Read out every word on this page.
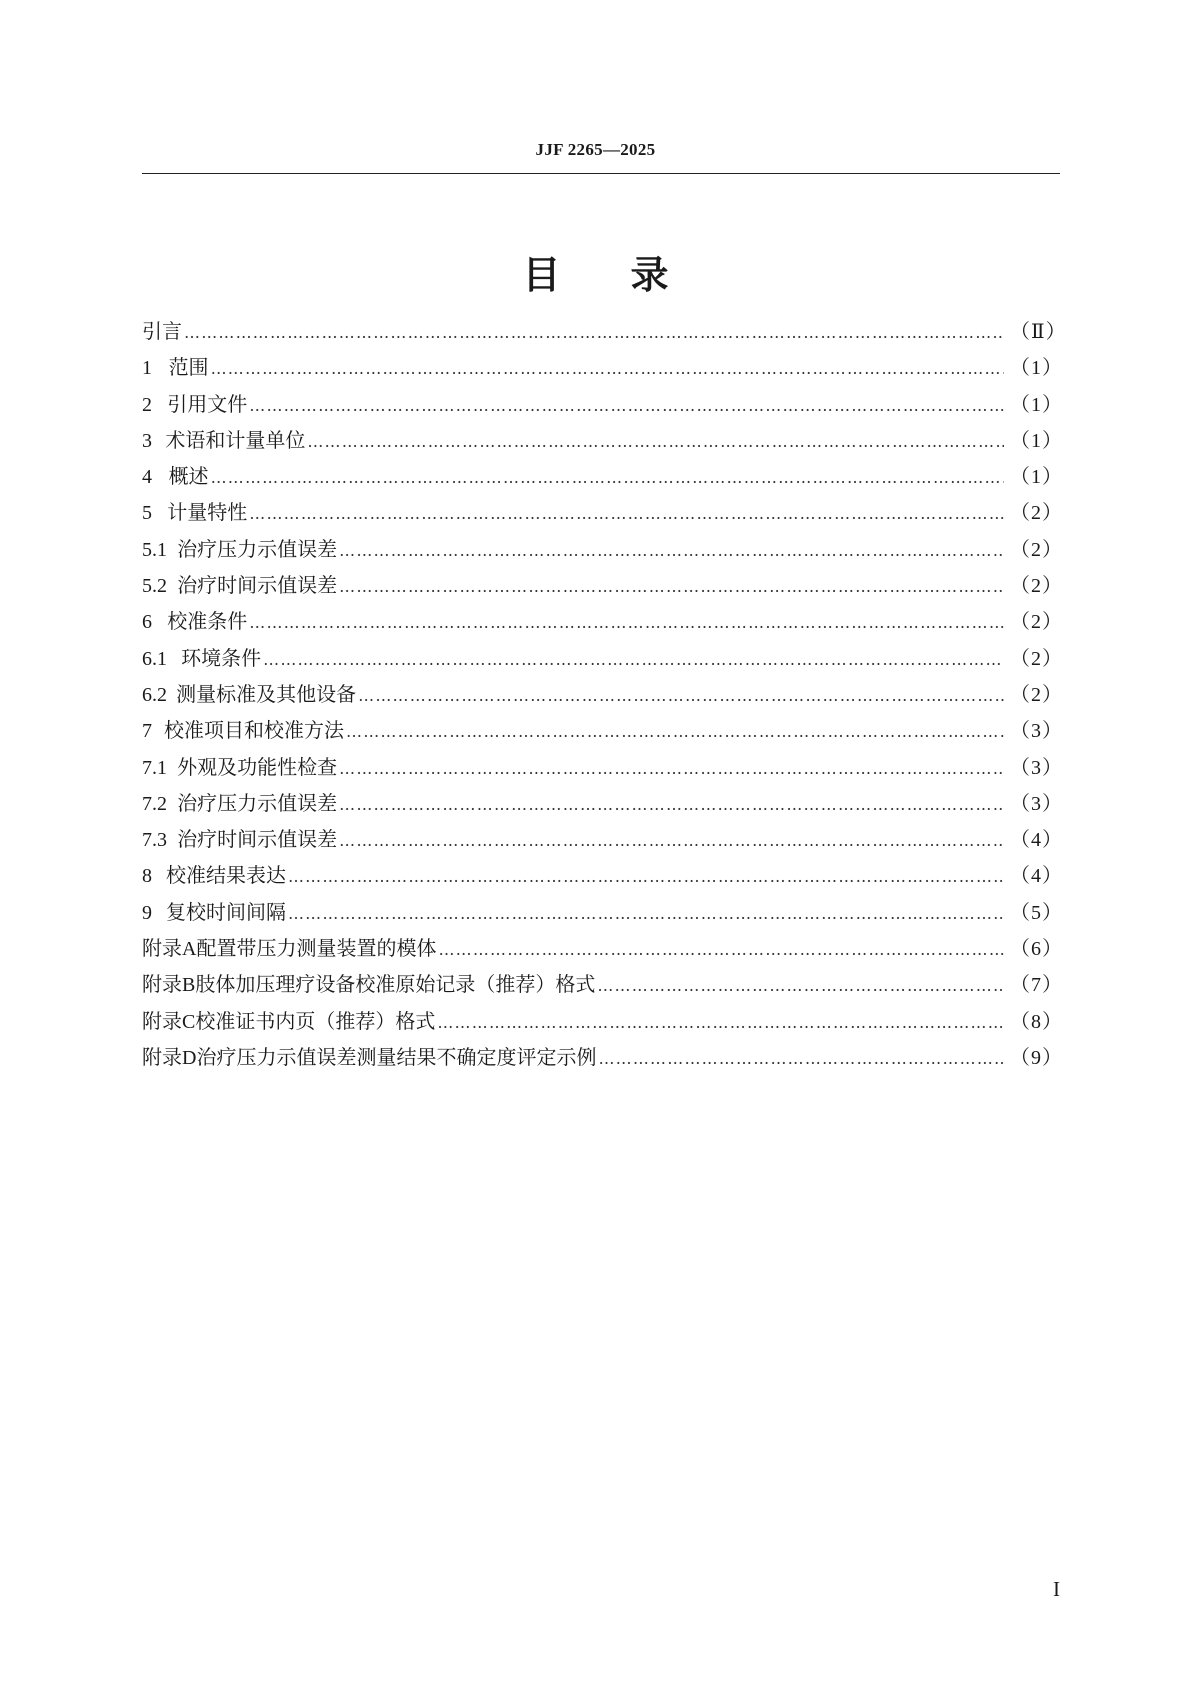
JJF 2265—2025
目 录
引言 ………………………………………………………………………………………………………………………………………………………………………………	（Ⅱ）
1 范围 ………………………………………………………………………………………………………………………………………………………………………………	（1）
2 引用文件 ………………………………………………………………………………………………………………………………………………………………………………	（1）
3 术语和计量单位 ………………………………………………………………………………………………………………………………………………………………………………	（1）
4 概述 ………………………………………………………………………………………………………………………………………………………………………………	（1）
5 计量特性 ………………………………………………………………………………………………………………………………………………………………………………	（2）
5.1 治疗压力示值误差 ………………………………………………………………………………………………………………………………………………………………………………	（2）
5.2 治疗时间示值误差 ………………………………………………………………………………………………………………………………………………………………………………	（2）
6 校准条件 ………………………………………………………………………………………………………………………………………………………………………………	（2）
6.1 环境条件 ………………………………………………………………………………………………………………………………………………………………………………	（2）
6.2 测量标准及其他设备 ………………………………………………………………………………………………………………………………………………………………………………	（2）
7 校准项目和校准方法 ………………………………………………………………………………………………………………………………………………………………………………	（3）
7.1 外观及功能性检查 ………………………………………………………………………………………………………………………………………………………………………………	（3）
7.2 治疗压力示值误差 ………………………………………………………………………………………………………………………………………………………………………………	（3）
7.3 治疗时间示值误差 ………………………………………………………………………………………………………………………………………………………………………………	（4）
8 校准结果表达 ………………………………………………………………………………………………………………………………………………………………………………	（4）
9 复校时间间隔 ………………………………………………………………………………………………………………………………………………………………………………	（5）
附录A 配置带压力测量装置的模体 ………………………………………………………………………………………………………………………………………………………………………………	（6）
附录B 肢体加压理疗设备校准原始记录（推荐）格式 ………………………………………………………………………………………………………………………………………………………………………………	（7）
附录C 校准证书内页（推荐）格式 ………………………………………………………………………………………………………………………………………………………………………………	（8）
附录D 治疗压力示值误差测量结果不确定度评定示例 ………………………………………………………………………………………………………………………………………………………………………………	（9）
I
